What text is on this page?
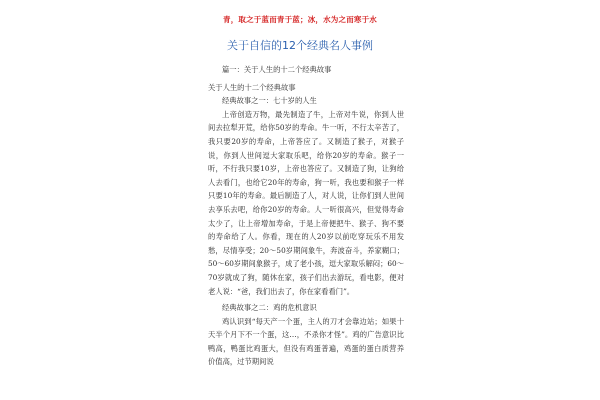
青，取之于蓝而青于蓝；冰，水为之而寒于水
关于自信的12个经典名人事例

篇一：关于人生的十二个经典故事

关于人生的十二个经典故事

经典故事之一：七十岁的人生

上帝创造万物，最先制造了牛，上帝对牛说，你到人世间去拉犁开荒，给你50岁的寿命。牛一听，不行太辛苦了，我只要20岁的寿命，上帝答应了。又制造了猴子，对猴子说，你到人世间逗大家取乐吧，给你20岁的寿命。猴子一听，不行我只要10岁，上帝也答应了。又制造了狗，让狗给人去看门，也给它20年的寿命，狗一听，我也要和猴子一样只要10年的寿命。最后制造了人，对人说，让你们到人世间去享乐去吧，给你20岁的寿命。人一听很高兴，但觉得寿命太少了，让上帝增加寿命，于是上帝便把牛、猴子、狗不要的寿命给了人。你看，现在的人20岁以前吃穿玩乐不用发愁，尽情享受；20～50岁期间象牛，奔波奋斗，养家糊口；50～60岁期间象猴子，成了老小孩，逗大家取乐解闷；60～70岁就成了狗，随休在家，孩子们出去游玩，看电影，便对老人说：“爸，我们出去了，你在家看看门”。

经典故事之二：鸡的危机意识

鸡认识到“每天产一个蛋，主人的刀才会靠边站；如果十天半个月下不一个蛋，这…，不杀你才怪”。鸡的广告意识比鸭高，鸭蛋比鸡蛋大，但没有鸡蛋普遍，鸡蛋的蛋白质营养价值高，过节期间说
